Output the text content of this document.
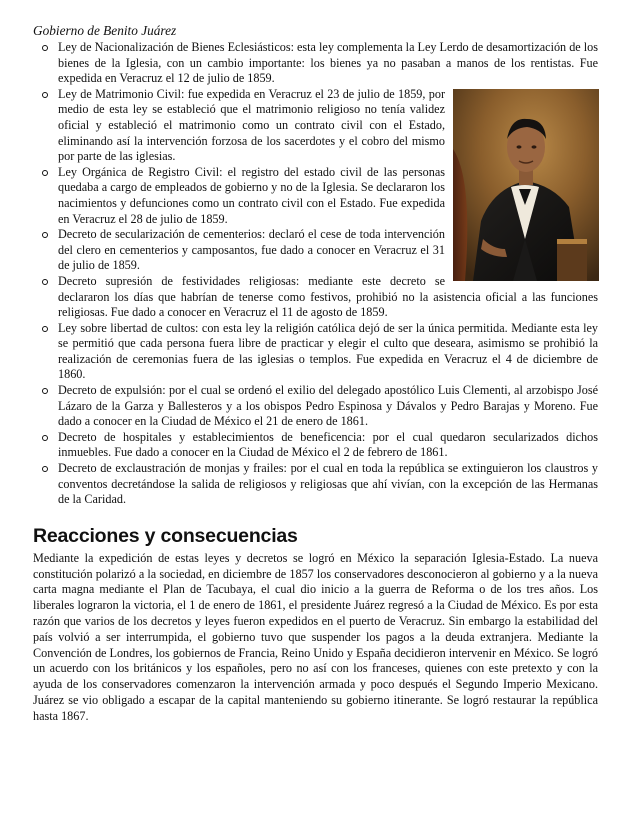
Gobierno de Benito Juárez
Ley de Nacionalización de Bienes Eclesiásticos: esta ley complementa la Ley Lerdo de desamortización de los bienes de la Iglesia, con un cambio importante: los bienes ya no pasaban a manos de los rentistas. Fue expedida en Veracruz el 12 de julio de 1859.
Ley de Matrimonio Civil: fue expedida en Veracruz el 23 de julio de 1859, por medio de esta ley se estableció que el matrimonio religioso no tenía validez oficial y estableció el matrimonio como un contrato civil con el Estado, eliminando así la intervención forzosa de los sacerdotes y el cobro del mismo por parte de las iglesias.
Ley Orgánica de Registro Civil: el registro del estado civil de las personas quedaba a cargo de empleados de gobierno y no de la Iglesia. Se declararon los nacimientos y defunciones como un contrato civil con el Estado. Fue expedida en Veracruz el 28 de julio de 1859.
Decreto de secularización de cementerios: declaró el cese de toda intervención del clero en cementerios y camposantos, fue dado a conocer en Veracruz el 31 de julio de 1859.
Decreto supresión de festividades religiosas: mediante este decreto se declararon los días que habrían de tenerse como festivos, prohibió no la asistencia oficial a las funciones religiosas. Fue dado a conocer en Veracruz el 11 de agosto de 1859.
Ley sobre libertad de cultos: con esta ley la religión católica dejó de ser la única permitida. Mediante esta ley se permitió que cada persona fuera libre de practicar y elegir el culto que deseara, asimismo se prohibió la realización de ceremonias fuera de las iglesias o templos. Fue expedida en Veracruz el 4 de diciembre de 1860.
Decreto de expulsión: por el cual se ordenó el exilio del delegado apostólico Luis Clementi, al arzobispo José Lázaro de la Garza y Ballesteros y a los obispos Pedro Espinosa y Dávalos y Pedro Barajas y Moreno. Fue dado a conocer en la Ciudad de México el 21 de enero de 1861.
Decreto de hospitales y establecimientos de beneficencia: por el cual quedaron secularizados dichos inmuebles. Fue dado a conocer en la Ciudad de México el 2 de febrero de 1861.
Decreto de exclaustración de monjas y frailes: por el cual en toda la república se extinguieron los claustros y conventos decretándose la salida de religiosos y religiosas que ahí vivían, con la excepción de las Hermanas de la Caridad.
Reacciones y consecuencias

Mediante la expedición de estas leyes y decretos se logró en México la separación Iglesia-Estado. La nueva constitución polarizó a la sociedad, en diciembre de 1857 los conservadores desconocieron al gobierno y a la nueva carta magna mediante el Plan de Tacubaya, el cual dio inicio a la guerra de Reforma o de los tres años. Los liberales lograron la victoria, el 1 de enero de 1861, el presidente Juárez regresó a la Ciudad de México. Es por esta razón que varios de los decretos y leyes fueron expedidos en el puerto de Veracruz. Sin embargo la estabilidad del país volvió a ser interrumpida, el gobierno tuvo que suspender los pagos a la deuda extranjera. Mediante la Convención de Londres, los gobiernos de Francia, Reino Unido y España decidieron intervenir en México. Se logró un acuerdo con los británicos y los españoles, pero no así con los franceses, quienes con este pretexto y con la ayuda de los conservadores comenzaron la intervención armada y poco después el Segundo Imperio Mexicano. Juárez se vio obligado a escapar de la capital manteniendo su gobierno itinerante. Se logró restaurar la república hasta 1867.
